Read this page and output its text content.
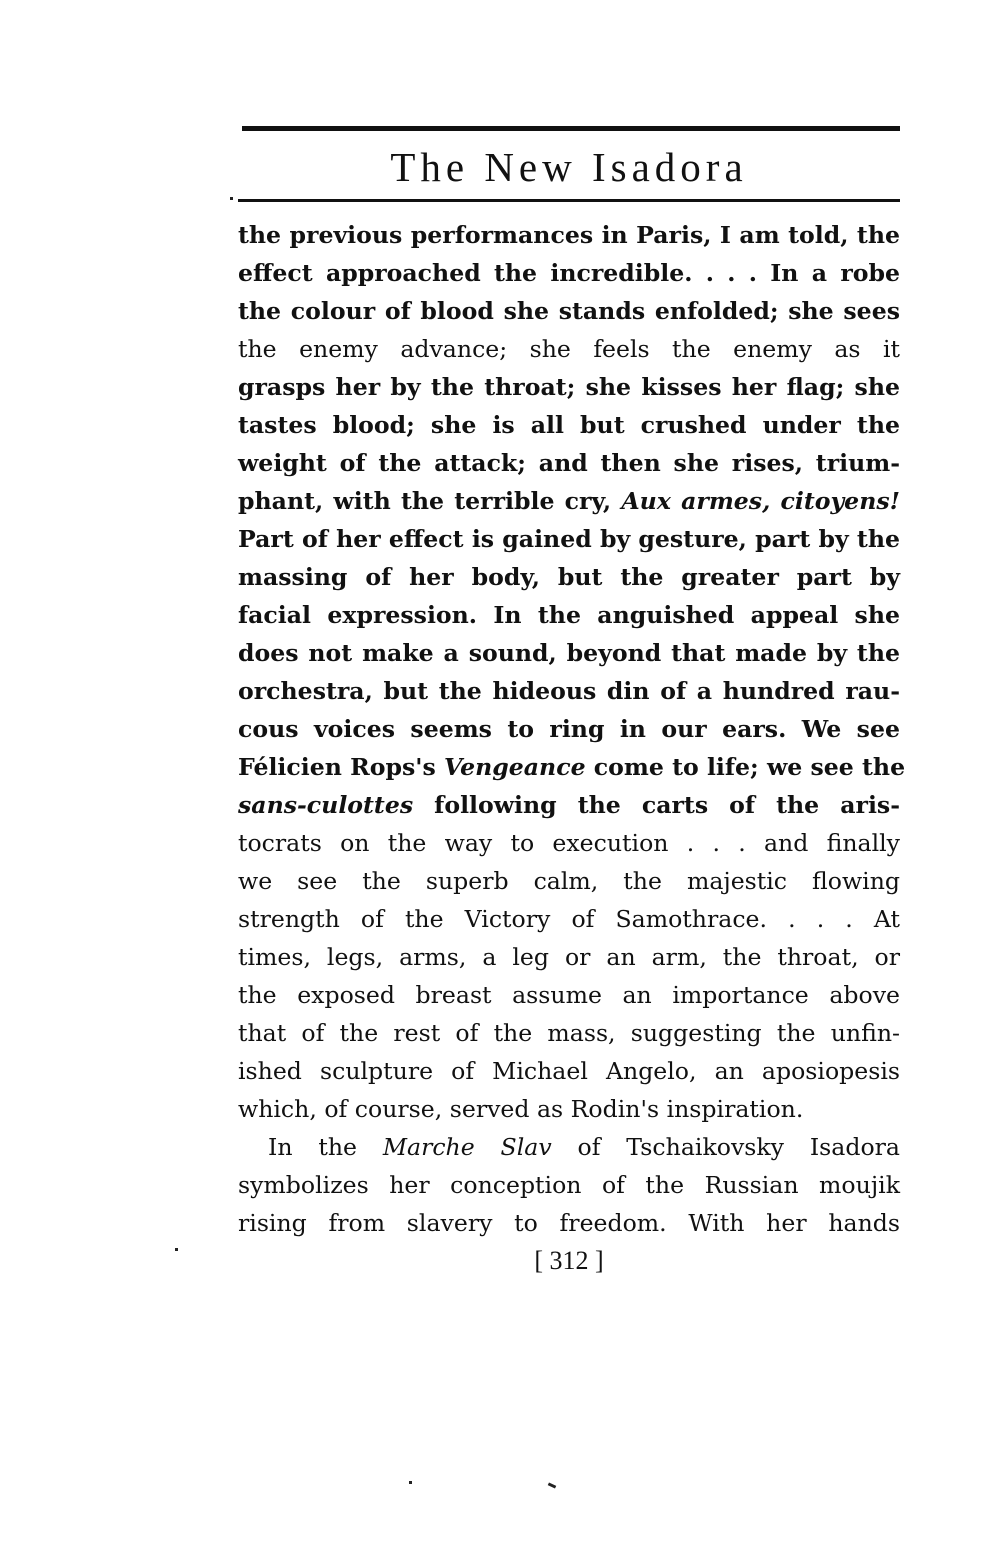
The New Isadora
the previous performances in Paris, I am told, the
effect approached the incredible. . . . In a robe
the colour of blood she stands enfolded; she sees
the enemy advance; she feels the enemy as it
grasps her by the throat; she kisses her flag; she
tastes blood; she is all but crushed under the
weight of the attack; and then she rises, trium-
phant, with the terrible cry, Aux armes, citoyens!
Part of her effect is gained by gesture, part by the
massing of her body, but the greater part by
facial expression. In the anguished appeal she
does not make a sound, beyond that made by the
orchestra, but the hideous din of a hundred rau-
cous voices seems to ring in our ears. We see
Félicien Rops's Vengeance come to life; we see the
sans-culottes following the carts of the aris-
tocrats on the way to execution . . . and finally
we see the superb calm, the majestic flowing
strength of the Victory of Samothrace. . . . At
times, legs, arms, a leg or an arm, the throat, or
the exposed breast assume an importance above
that of the rest of the mass, suggesting the unfin-
ished sculpture of Michael Angelo, an aposiopesis
which, of course, served as Rodin's inspiration.
In the Marche Slav of Tschaikovsky Isadora
symbolizes her conception of the Russian moujik
rising from slavery to freedom. With her hands
[ 312 ]
